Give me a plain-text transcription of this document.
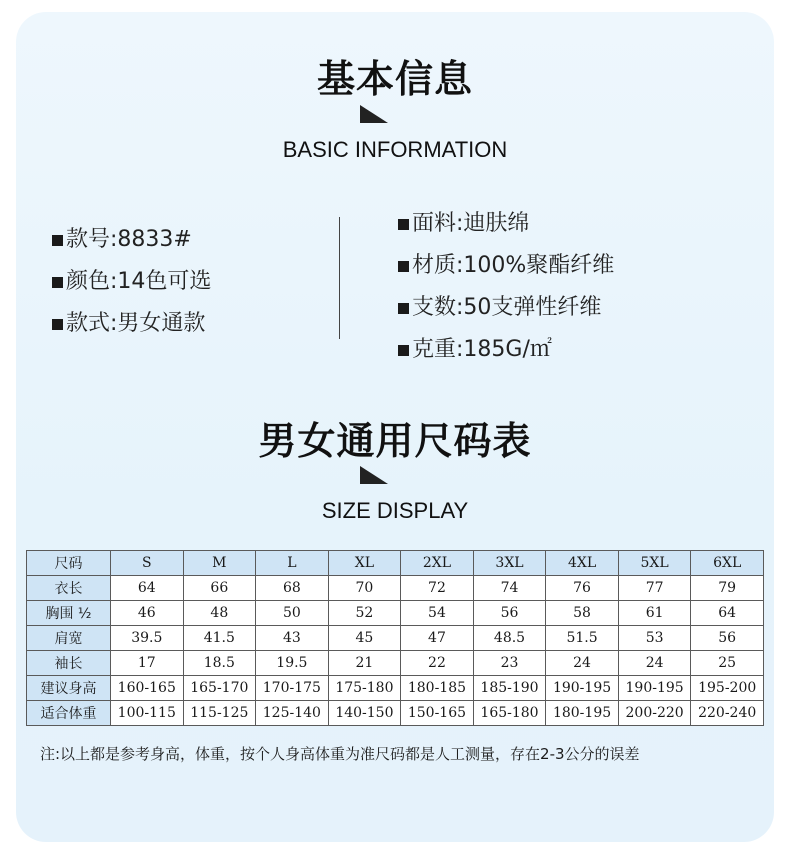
基本信息
BASIC INFORMATION
款号:8833#
颜色:14色可选
款式:男女通款
面料:迪肤绵
材质:100%聚酯纤维
支数:50支弹性纤维
克重:185G/㎡
男女通用尺码表
SIZE DISPLAY
尺码	S	M	L	XL	2XL	3XL	4XL	5XL	6XL
衣长	64	66	68	70	72	74	76	77	79
胸围 ½	46	48	50	52	54	56	58	61	64
肩宽	39.5	41.5	43	45	47	48.5	51.5	53	56
袖长	17	18.5	19.5	21	22	23	24	24	25
建议身高	160-165	165-170	170-175	175-180	180-185	185-190	190-195	190-195	195-200
适合体重	100-115	115-125	125-140	140-150	150-165	165-180	180-195	200-220	220-240
注:以上都是参考身高，体重，按个人身高体重为准尺码都是人工测量，存在2-3公分的误差
